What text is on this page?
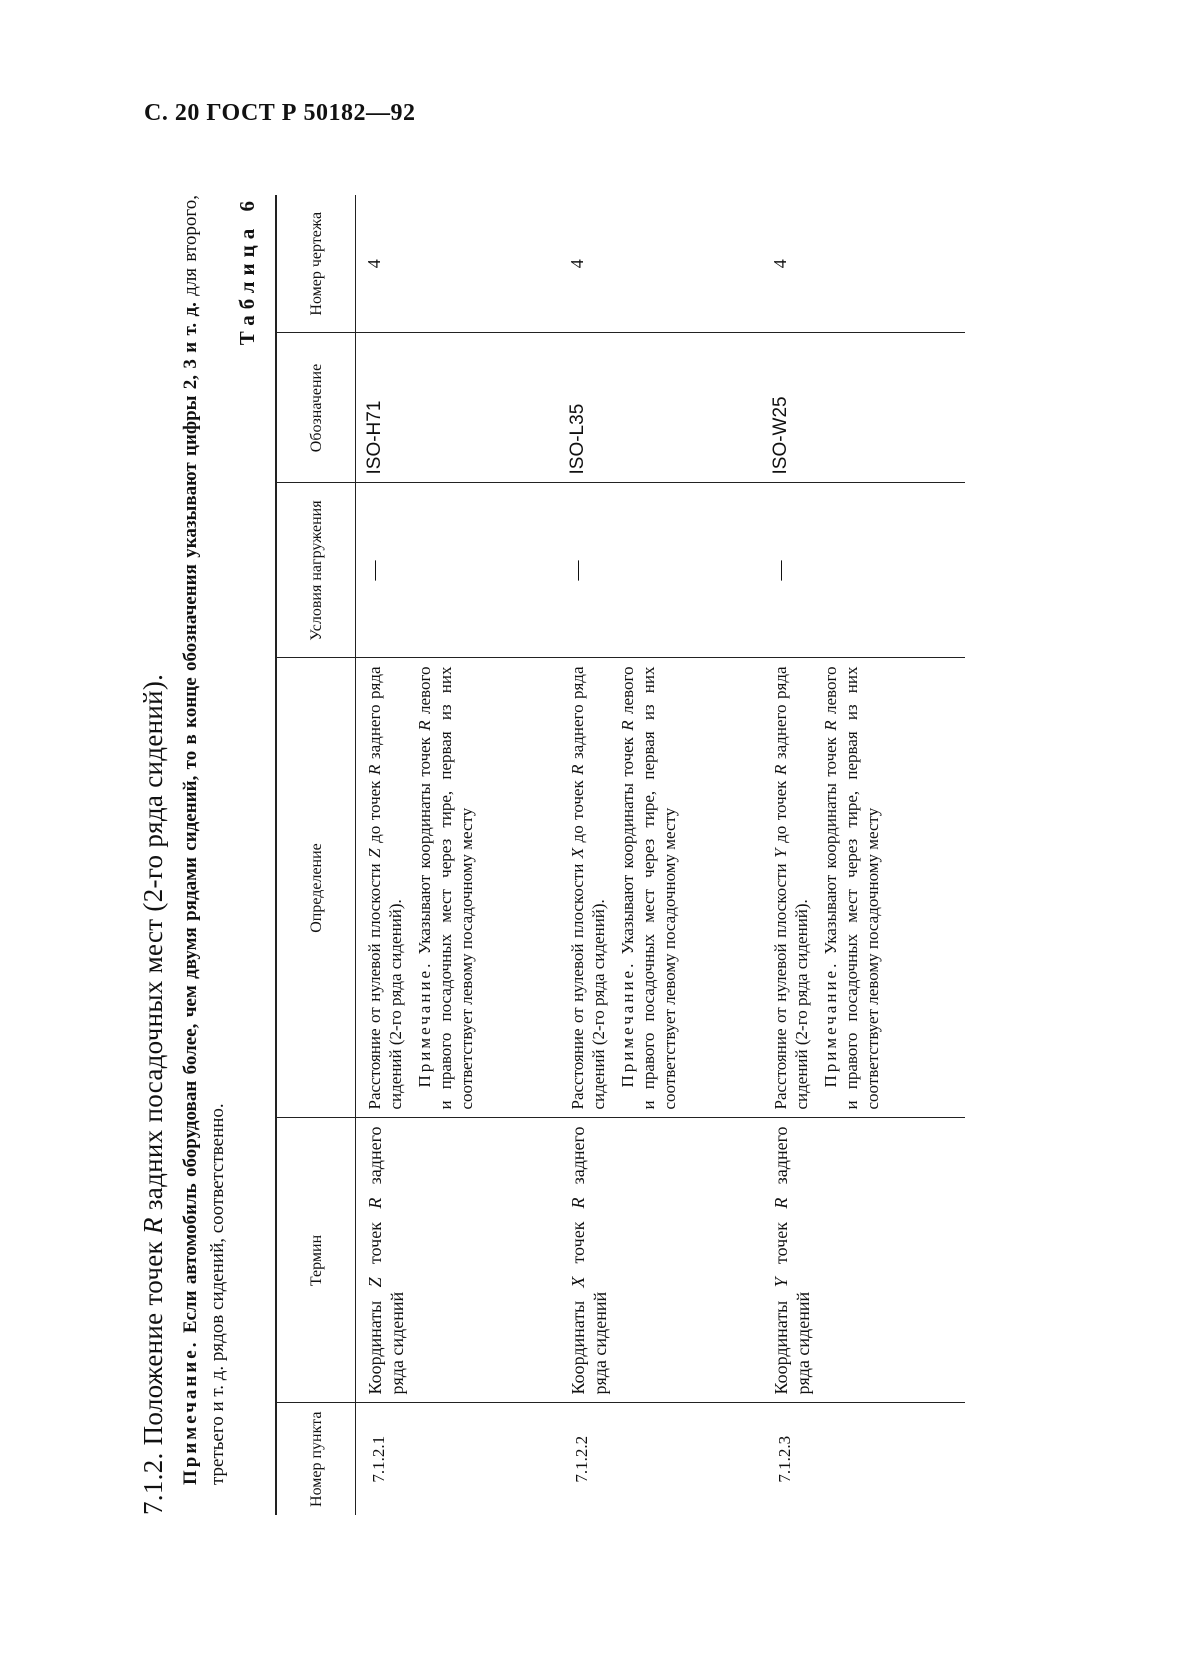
С. 20 ГОСТ Р 50182—92
7.1.2. Положение точек R задних посадочных мест (2-го ряда сидений).
Примечание. Если автомобиль оборудован более, чем двумя рядами сидений, то в конце обозначения указывают цифры 2, 3 и т. д. для второго, третьего и т. д. рядов сидений, соответственно.
Таблица 6
Номер пункта	Термин	Определение	Условия нагружения	Обозначение	Номер чертежа
7.1.2.1	Координаты Z точек R заднего ряда сидений	Расстояние от нулевой плоскости Z до точек R заднего ряда сидений (2-го ряда сидений). Примечание. Указывают координаты точек R левого и правого посадочных мест через тире, первая из них соответствует левому посадочному месту	—	ISO-H71	4
7.1.2.2	Координаты X точек R заднего ряда сидений	Расстояние от нулевой плоскости X до точек R заднего ряда сидений (2-го ряда сидений). Примечание. Указывают координаты точек R левого и правого посадочных мест через тире, первая из них соответствует левому посадочному месту	—	ISO-L35	4
7.1.2.3	Координаты Y точек R заднего ряда сидений	Расстояние от нулевой плоскости Y до точек R заднего ряда сидений (2-го ряда сидений). Примечание. Указывают координаты точек R левого и правого посадочных мест через тире, первая из них соответствует левому посадочному месту	—	ISO-W25	4
